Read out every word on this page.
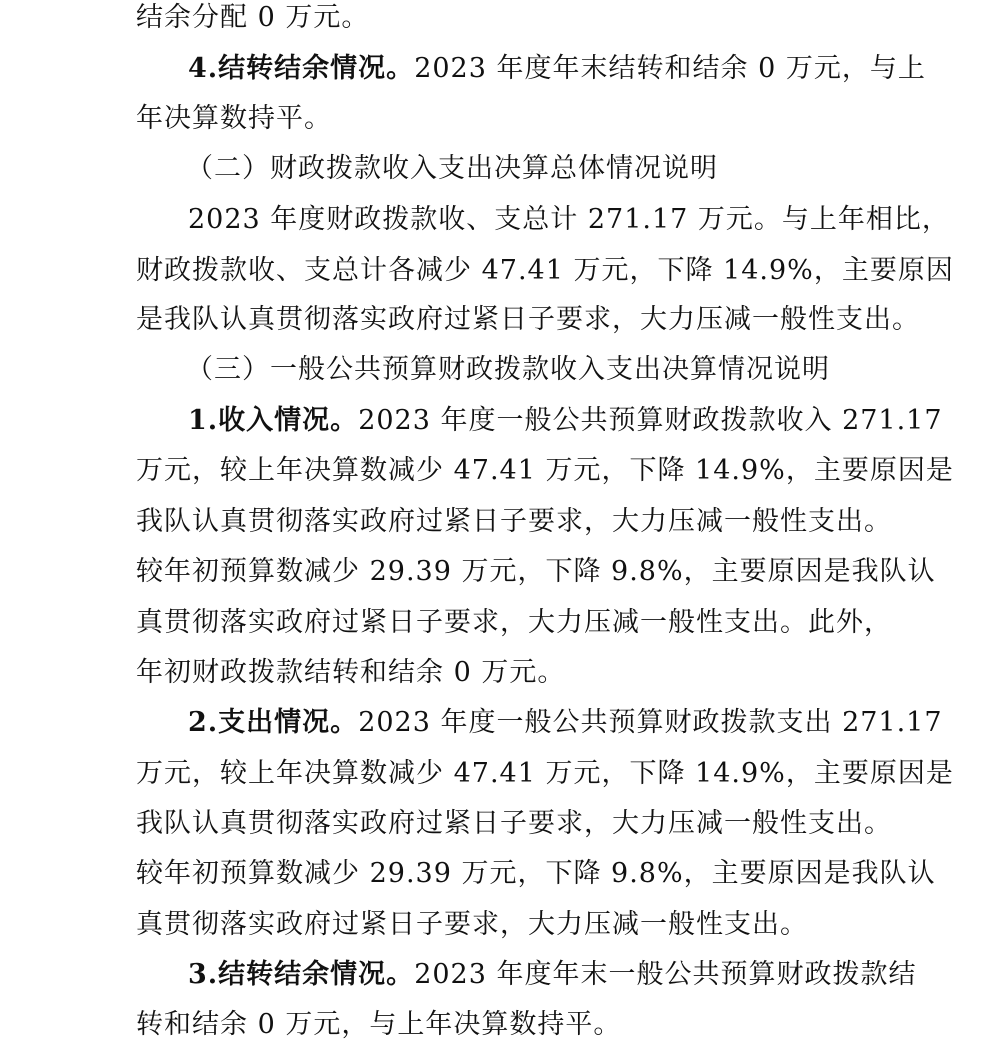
结余分配 0 万元。
4.结转结余情况。2023 年度年末结转和结余 0 万元，与上
年决算数持平。
（二）财政拨款收入支出决算总体情况说明
2023 年度财政拨款收、支总计 271.17 万元。与上年相比，
财政拨款收、支总计各减少 47.41 万元，下降 14.9%，主要原因
是我队认真贯彻落实政府过紧日子要求，大力压减一般性支出。
（三）一般公共预算财政拨款收入支出决算情况说明
1.收入情况。2023 年度一般公共预算财政拨款收入 271.17
万元，较上年决算数减少 47.41 万元，下降 14.9%，主要原因是
我队认真贯彻落实政府过紧日子要求，大力压减一般性支出。
较年初预算数减少 29.39 万元，下降 9.8%，主要原因是我队认
真贯彻落实政府过紧日子要求，大力压减一般性支出。此外，
年初财政拨款结转和结余 0 万元。
2.支出情况。2023 年度一般公共预算财政拨款支出 271.17
万元，较上年决算数减少 47.41 万元，下降 14.9%，主要原因是
我队认真贯彻落实政府过紧日子要求，大力压减一般性支出。
较年初预算数减少 29.39 万元，下降 9.8%，主要原因是我队认
真贯彻落实政府过紧日子要求，大力压减一般性支出。
3.结转结余情况。2023 年度年末一般公共预算财政拨款结
转和结余 0 万元，与上年决算数持平。
